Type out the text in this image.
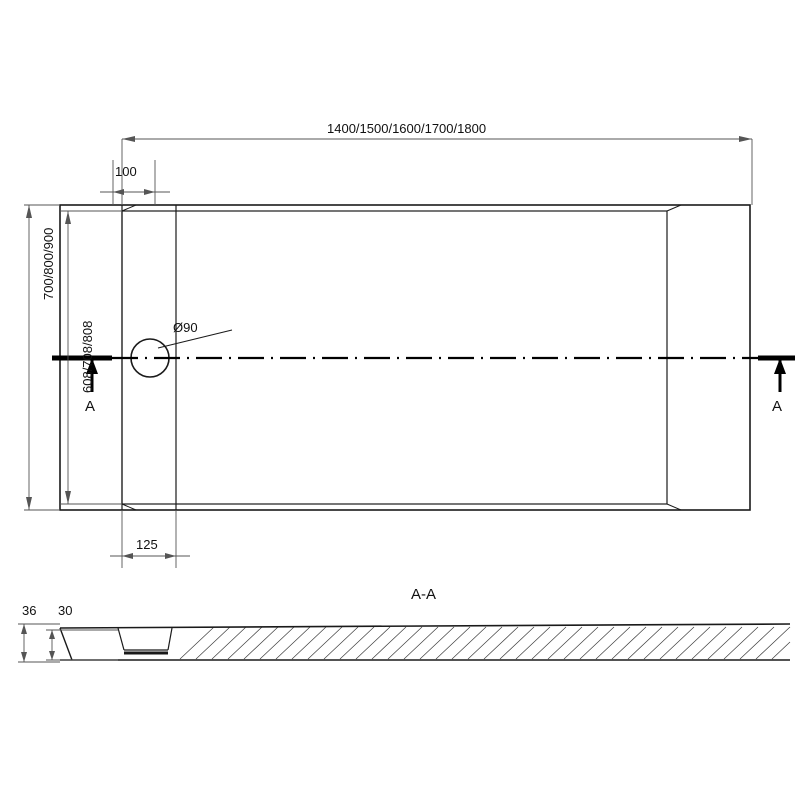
1400/1500/1600/1700/1800
100
700/800/900
608/708/808	Ø90
A	A
125
A-A
36 30
